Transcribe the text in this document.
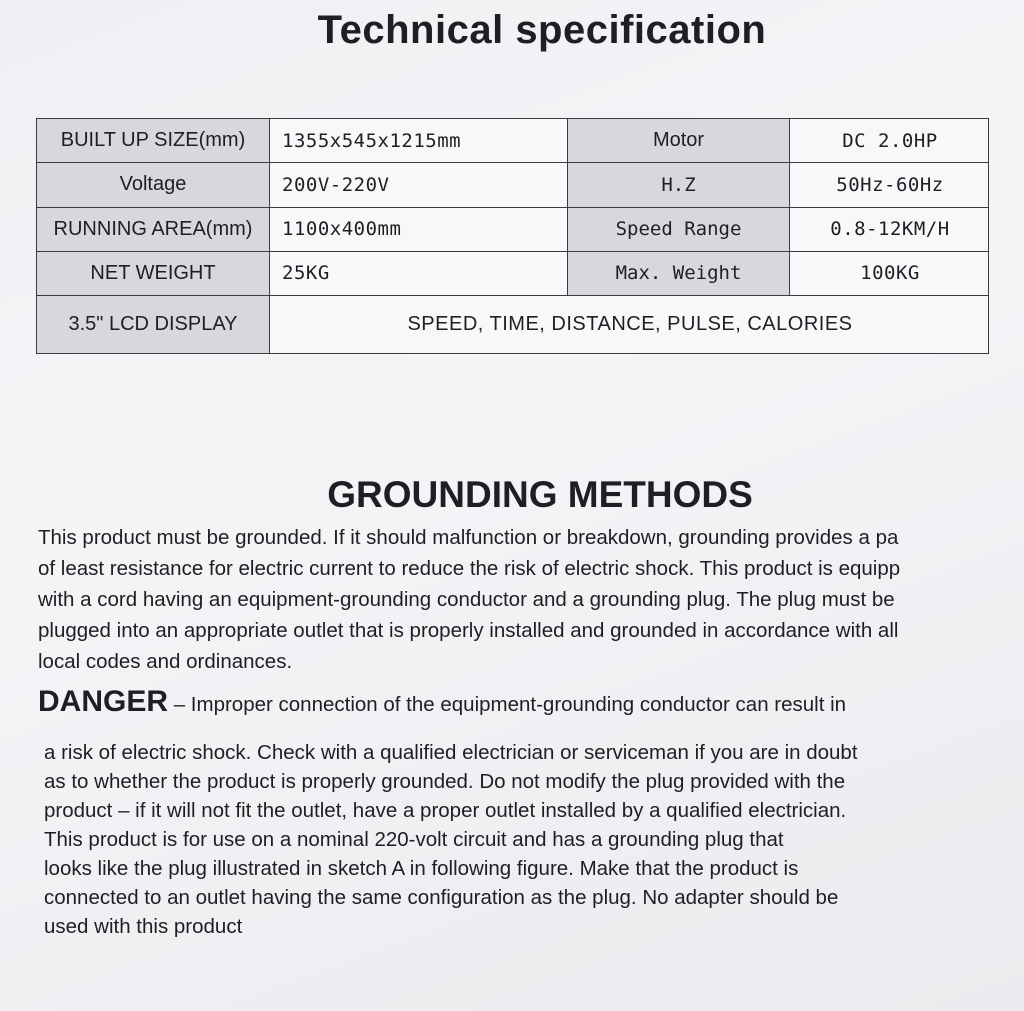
Technical specification
BUILT UP SIZE(mm)	1355x545x1215mm	Motor	DC 2.0HP
Voltage	200V-220V	H.Z	50Hz-60Hz
RUNNING AREA(mm)	1100x400mm	Speed Range	0.8-12KM/H
NET WEIGHT	25KG	Max. Weight	100KG
3.5" LCD DISPLAY	SPEED, TIME, DISTANCE, PULSE, CALORIES		
GROUNDING METHODS
This product must be grounded. If it should malfunction or breakdown, grounding provides a pa
of least resistance for electric current to reduce the risk of electric shock. This product is equipp
with a cord having an equipment-grounding conductor and a grounding plug. The plug must be
plugged into an appropriate outlet that is properly installed and grounded in accordance with all
local codes and ordinances.
DANGER – Improper connection of the equipment-grounding conductor can result in
a risk of electric shock. Check with a qualified electrician or serviceman if you are in doubt
as to whether the product is properly grounded. Do not modify the plug provided with the
product – if it will not fit the outlet, have a proper outlet installed by a qualified electrician.
This product is for use on a nominal 220-volt circuit and has a grounding plug that
looks like the plug illustrated in sketch A in following figure. Make that the product is
connected to an outlet having the same configuration as the plug. No adapter should be
used with this product
